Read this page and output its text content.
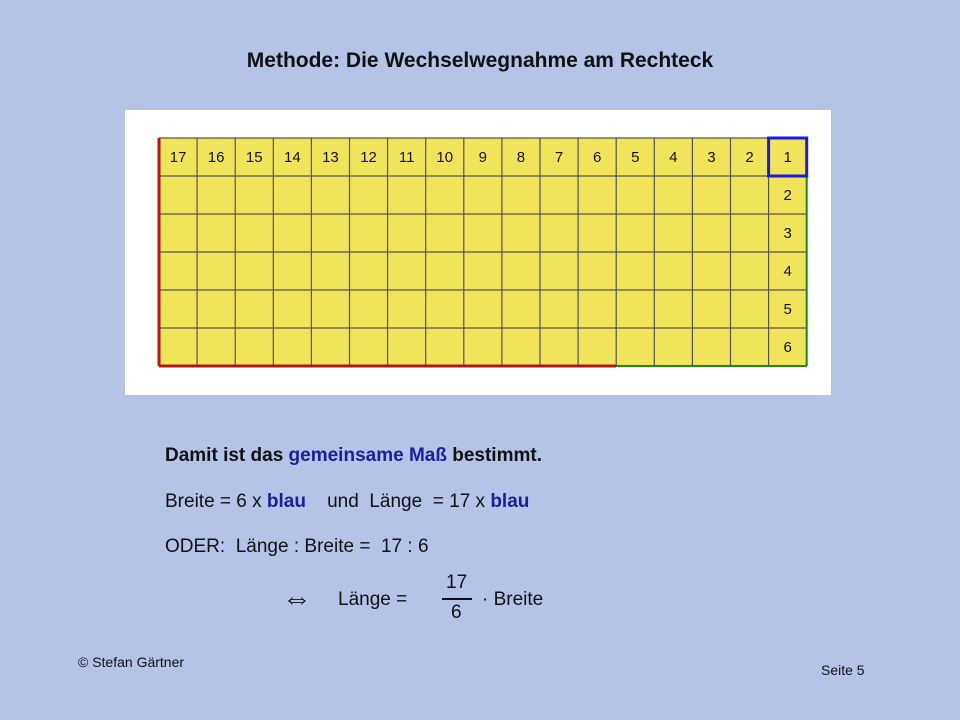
Methode: Die Wechselwegnahme am Rechteck
17 16 15 14 13 12 11 10 9 8 7 6 5 4 3 2 1
2
3
4
5
6
Damit ist das gemeinsame Maß bestimmt.
Breite = 6 x blau    und  Länge  = 17 x blau
ODER:  Länge : Breite =  17 : 6
⇔ Länge =
17
6
· Breite
© Stefan Gärtner	Seite 5
